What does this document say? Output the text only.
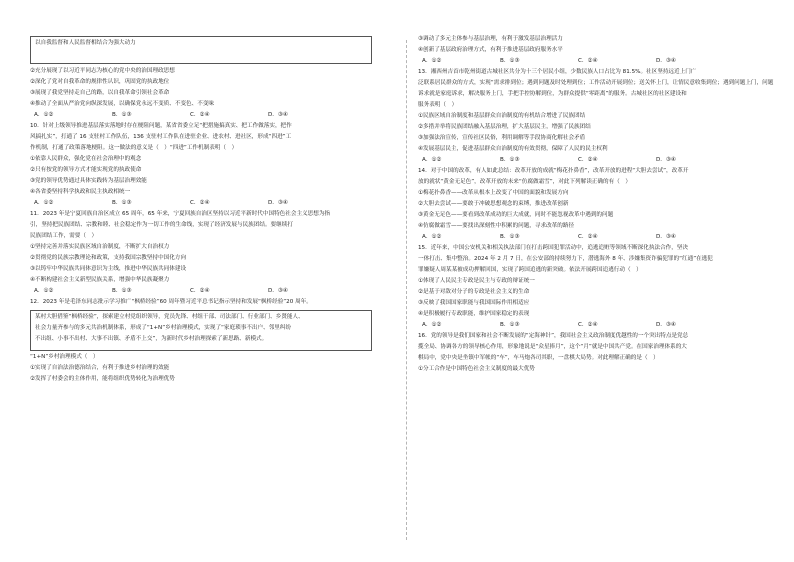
以自我监督和人民监督相结合为强大动力
②充分展现了以习近平同志为核心的党中央的治国理政思想
②深化了党对自我革命的规律性认识，巩固党的执政地位
③展现了我党坚持走自己的路，以自我革命引领社会革命
④推动了全面从严治党向纵深发展，以确保党永远不变质、不变色、不变味
A．①②	B．①③	C．②④	D．③④
10．针对上级领导推进基层落实落地时存在梗阻问题，某省省委立足“把措施搞真实、把工作做落实，把作
风搞扎实”，打通了 16 支驻村工作队伍，136 支驻村工作队在进驻企业、进农村、进社区，形成“四进”工
作机制，打通了政策落地梗阻。这一做法的意义是（　）“四进”工作机制表明（　）
①依靠人民群众，强化党在社会治理中的观念
②只有按党的领导方式才能实现党的执政使命
③党的领导优势通过具体实践转为基层治理效能
④各省委坚持科学执政和民主执政相统一
A．①②	B．①③	C．②④	D．③④
11．2023 年是宁夏回族自治区成立 65 周年，65 年来，宁夏回族自治区坚持以习近平新时代中国特色社会主义思想为指
引，坚持把民族团结、宗教和睦、社会稳定作为一切工作的生命线，实现了经济发展与民族团结。要继续打
民族团结工作，需要（　）
①坚持完善并落实民族区域自治制度，不断扩大自治权力
②贯彻党的民族宗教理论和政策，支持我国宗教坚持中国化方向
③以铸牢中华民族共同体意识为主线，推进中华民族共同体建设
④不断构建社会主义新型民族关系，增强中华民族凝聚力
A．①②	B．①③	C．②④	D．③④
12．2023 年是毛泽东同志批示学习推广“枫桥经验”60 周年暨习近平总书记指示坚持和发展“枫桥经验”20 周年。
某村大胆借鉴“枫桥经验”，探索建立村党组织领导，党员先锋、村组干部、司法部门、行业部门、乡贤能人、
社会力量齐参与的多元共治机制体系，形成了“1+N”乡村治理模式，实现了“家庭琐事不出户、邻里纠纷
不出组、小事不出村、大事不出镇、矛盾不上交”，为新时代乡村治理探索了新思路、新模式。
“1+N”乡村治理模式（　）
①实现了自治法治德治结合，有利于推进乡村治理的效能
②发挥了村委会的主体作用，能将组织优势转化为治理优势
③调动了多元主体参与基层治理，有利于激发基层治理活力
④创新了基层政府治理方式，有利于推进基层政府服务水平
A．①②	B．①③	C．②④	D．③④
13．湘西州吉首市乾州街道古城社区共分为十三个居民小组，少数民族人口占比为 81.5%。社区坚持远近上门广
泛联系居民群众的方式，实现“需求排到位；遇到问题及时处理到位；工作活动开展到位；送关怀上门，让情民意收集到位；遇到问题上门，问题
诉求就是家庭诉求，解决服务上门，手把手控协解到位，为群众提供“零距离”的服务。古城社区的社区建设和
服务表明（　）
①民族区域自治制度和基层群众自治制度的有机结合增进了民族团结
②多措并举将民族团结融入基层治理，扩大基层民主，增强了民族团结
③加强法治宣传，宣传社区民俗，利用调解等手段协商化解社会矛盾
④发展基层民主，促进基层群众自治制度的有效贯彻，保障了人民的民主权利
A．①②	B．①③	C．②④	D．③④
14．对于中国的改革，有人如此总结：改革开放的成就“梅花扑鼻香”，改革开放的进程“大胆去尝试”，改革开
放的就状“黄金无足色”，改革开放的未来“仿腐做霜雪”，对此下列解读正确的有（　）
①梅花扑鼻香——改革从根本上改变了中国的面貌和发展方向
②大胆去尝试——要敢于冲破思想观念的束缚，推进改革创新
③黄金无足色——要看到改革成功的巨大成就，同时不能忽视改革中遇到的问题
④仿腐做霜雪——要找出深刻性中积累的问题，寻求改革的路径
A．①②	B．①③	C．②④	D．③④
15．近年来，中国公安机关和相关执法部门在打击跨国犯罪活动中，追逃追赃等领域不断深化执法合作，坚决
一体打击、集中整治。2024 年 2 月 7 日，在公安部的持续努力下，潜逃海外 8 年、涉嫌集资诈骗犯罪的“红通”在逃犯
罪嫌疑人周某某被成功押解回国，实现了跨国追逃的新突破。依法开展跨国追逃行动（　）
①体现了人民民主专政是民主与专政的辩证统一
②是基于对敌对分子的专政是社会主义的生命
③反映了我国国家职能与我国国际作用相适应
④是积极履行专政职能，维护国家稳定的表现
A．①②	B．①③	C．②④	D．③④
16．党的领导是我们国家和社会不断发展的“定海神针”，我国社会主义政治制度优越性的一个突出特点是党总
揽全局、协调各方的领导核心作用，形象地说是“众星捧月”，这个“月”就是中国共产党。在国家治理体系的大
棋局中，党中央是坐镇中军帐的“车”，车马炮各司其职，一盘棋大局势。对此理解正确的是（　）
①分工合作是中国特色社会主义制度的最大优势
